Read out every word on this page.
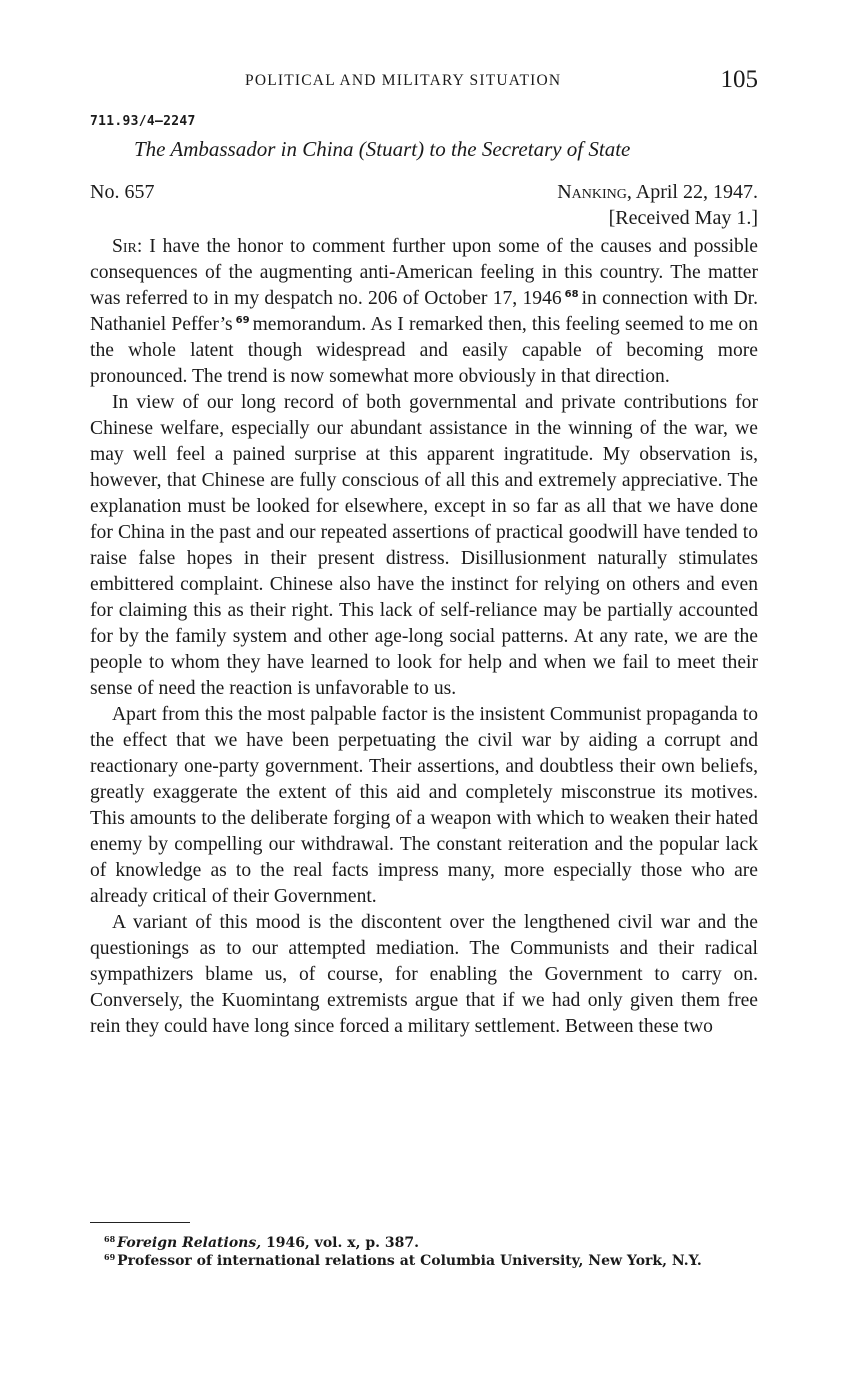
POLITICAL AND MILITARY SITUATION	105
711.93/4–2247
The Ambassador in China (Stuart) to the Secretary of State
No. 657	Nanking, April 22, 1947.
[Received May 1.]

Sir: I have the honor to comment further upon some of the causes and possible consequences of the augmenting anti-American feeling in this country. The matter was referred to in my despatch no. 206 of October 17, 1946 $^{68}$ in connection with Dr. Nathaniel Peffer’s $^{69}$ memorandum. As I remarked then, this feeling seemed to me on the whole latent though widespread and easily capable of becoming more pronounced. The trend is now somewhat more obviously in that direction.

In view of our long record of both governmental and private contributions for Chinese welfare, especially our abundant assistance in the winning of the war, we may well feel a pained surprise at this apparent ingratitude. My observation is, however, that Chinese are fully conscious of all this and extremely appreciative. The explanation must be looked for elsewhere, except in so far as all that we have done for China in the past and our repeated assertions of practical goodwill have tended to raise false hopes in their present distress. Disillusionment naturally stimulates embittered complaint. Chinese also have the instinct for relying on others and even for claiming this as their right. This lack of self-reliance may be partially accounted for by the family system and other age-long social patterns. At any rate, we are the people to whom they have learned to look for help and when we fail to meet their sense of need the reaction is unfavorable to us.

Apart from this the most palpable factor is the insistent Communist propaganda to the effect that we have been perpetuating the civil war by aiding a corrupt and reactionary one-party government. Their assertions, and doubtless their own beliefs, greatly exaggerate the extent of this aid and completely misconstrue its motives. This amounts to the deliberate forging of a weapon with which to weaken their hated enemy by compelling our withdrawal. The constant reiteration and the popular lack of knowledge as to the real facts impress many, more especially those who are already critical of their Government.

A variant of this mood is the discontent over the lengthened civil war and the questionings as to our attempted mediation. The Communists and their radical sympathizers blame us, of course, for enabling the Government to carry on. Conversely, the Kuomintang extremists argue that if we had only given them free rein they could have long since forced a military settlement. Between these two

$^{68}$ Foreign Relations, 1946, vol. x, p. 387.

$^{69}$ Professor of international relations at Columbia University, New York, N.Y.
